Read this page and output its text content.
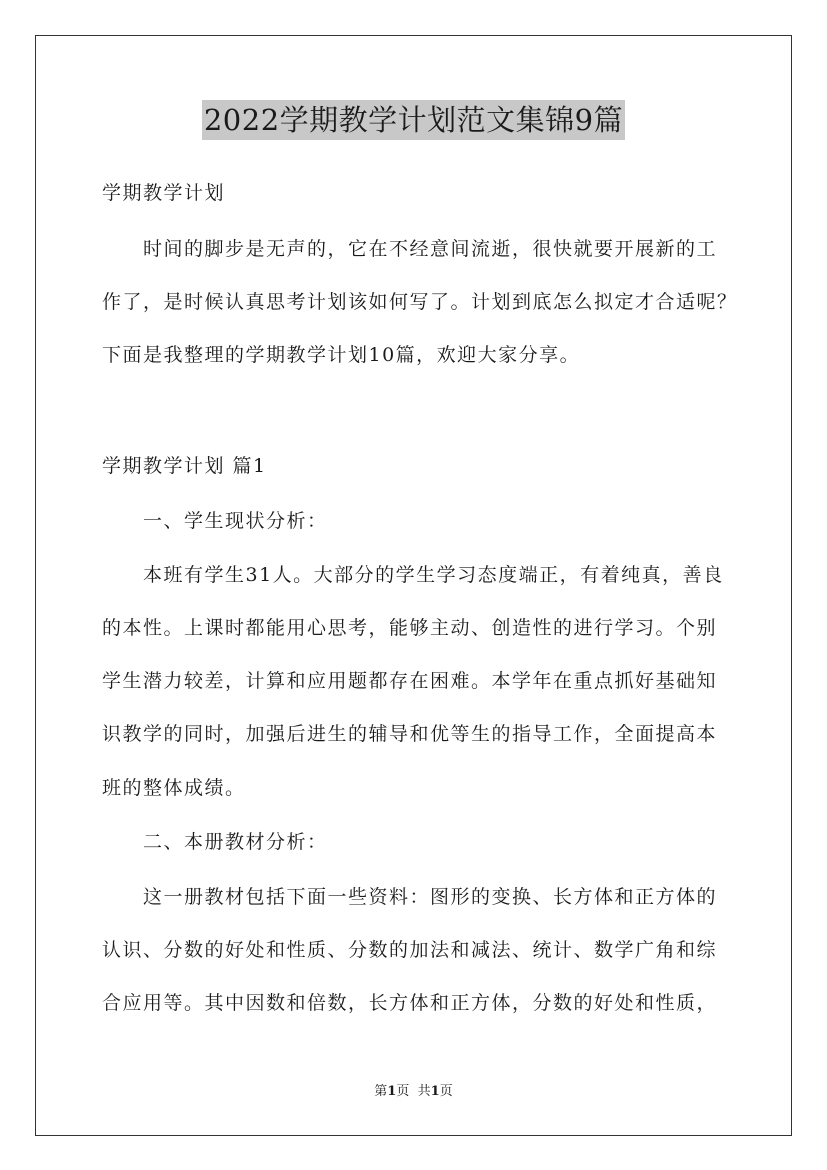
2022学期教学计划范文集锦9篇
学期教学计划
时间的脚步是无声的，它在不经意间流逝，很快就要开展新的工
作了，是时候认真思考计划该如何写了。计划到底怎么拟定才合适呢？
下面是我整理的学期教学计划10篇，欢迎大家分享。
学期教学计划 篇1
一、学生现状分析：
本班有学生31人。大部分的学生学习态度端正，有着纯真，善良
的本性。上课时都能用心思考，能够主动、创造性的进行学习。个别
学生潜力较差，计算和应用题都存在困难。本学年在重点抓好基础知
识教学的同时，加强后进生的辅导和优等生的指导工作，全面提高本
班的整体成绩。
二、本册教材分析：
这一册教材包括下面一些资料：图形的变换、长方体和正方体的
认识、分数的好处和性质、分数的加法和减法、统计、数学广角和综
合应用等。其中因数和倍数，长方体和正方体，分数的好处和性质，
第1页 共1页
